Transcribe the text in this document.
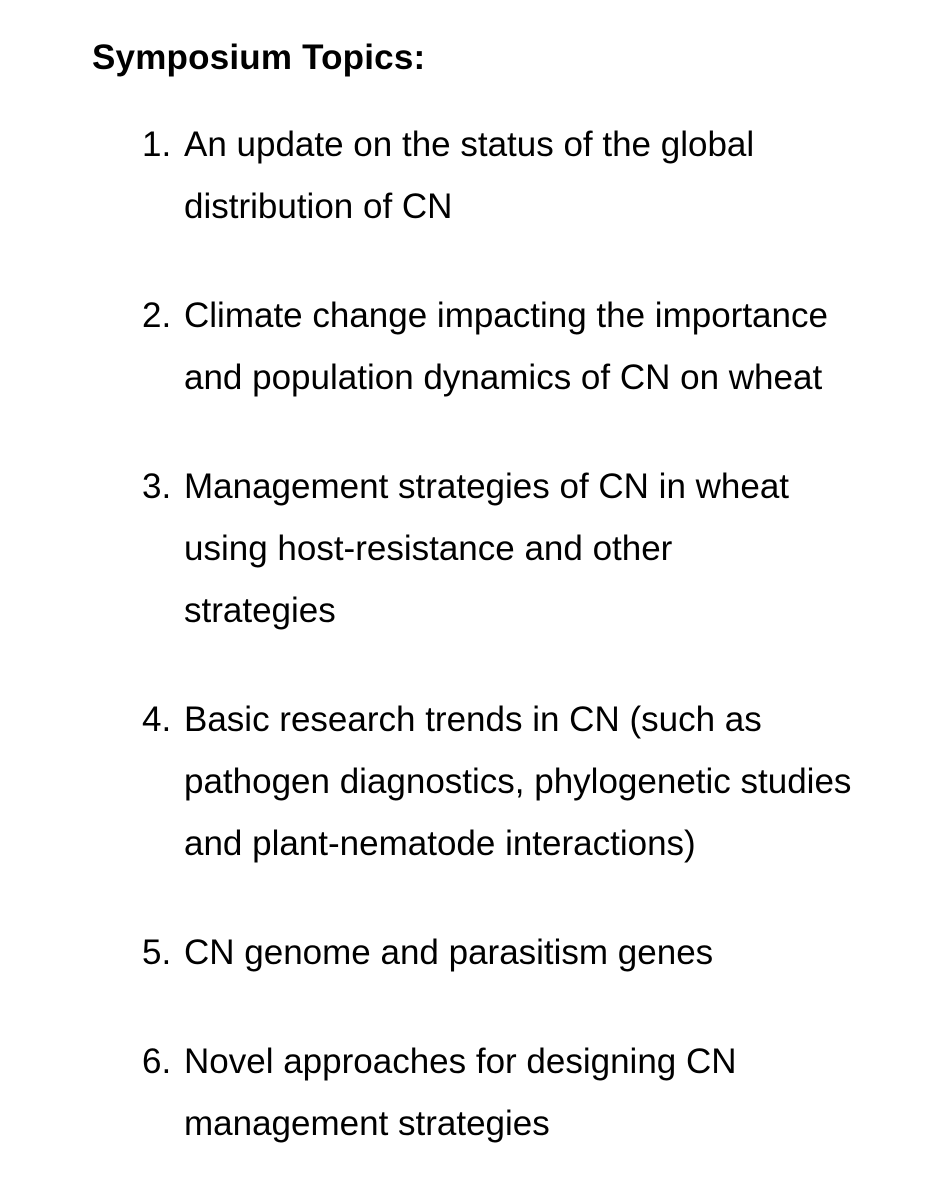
Symposium Topics:
1. An update on the status of the global distribution of CN
2. Climate change impacting the importance and population dynamics of CN on wheat
3. Management strategies of CN in wheat using host-resistance and other strategies
4. Basic research trends in CN (such as pathogen diagnostics, phylogenetic studies and plant-nematode interactions)
5. CN genome and parasitism genes
6. Novel approaches for designing CN management strategies
